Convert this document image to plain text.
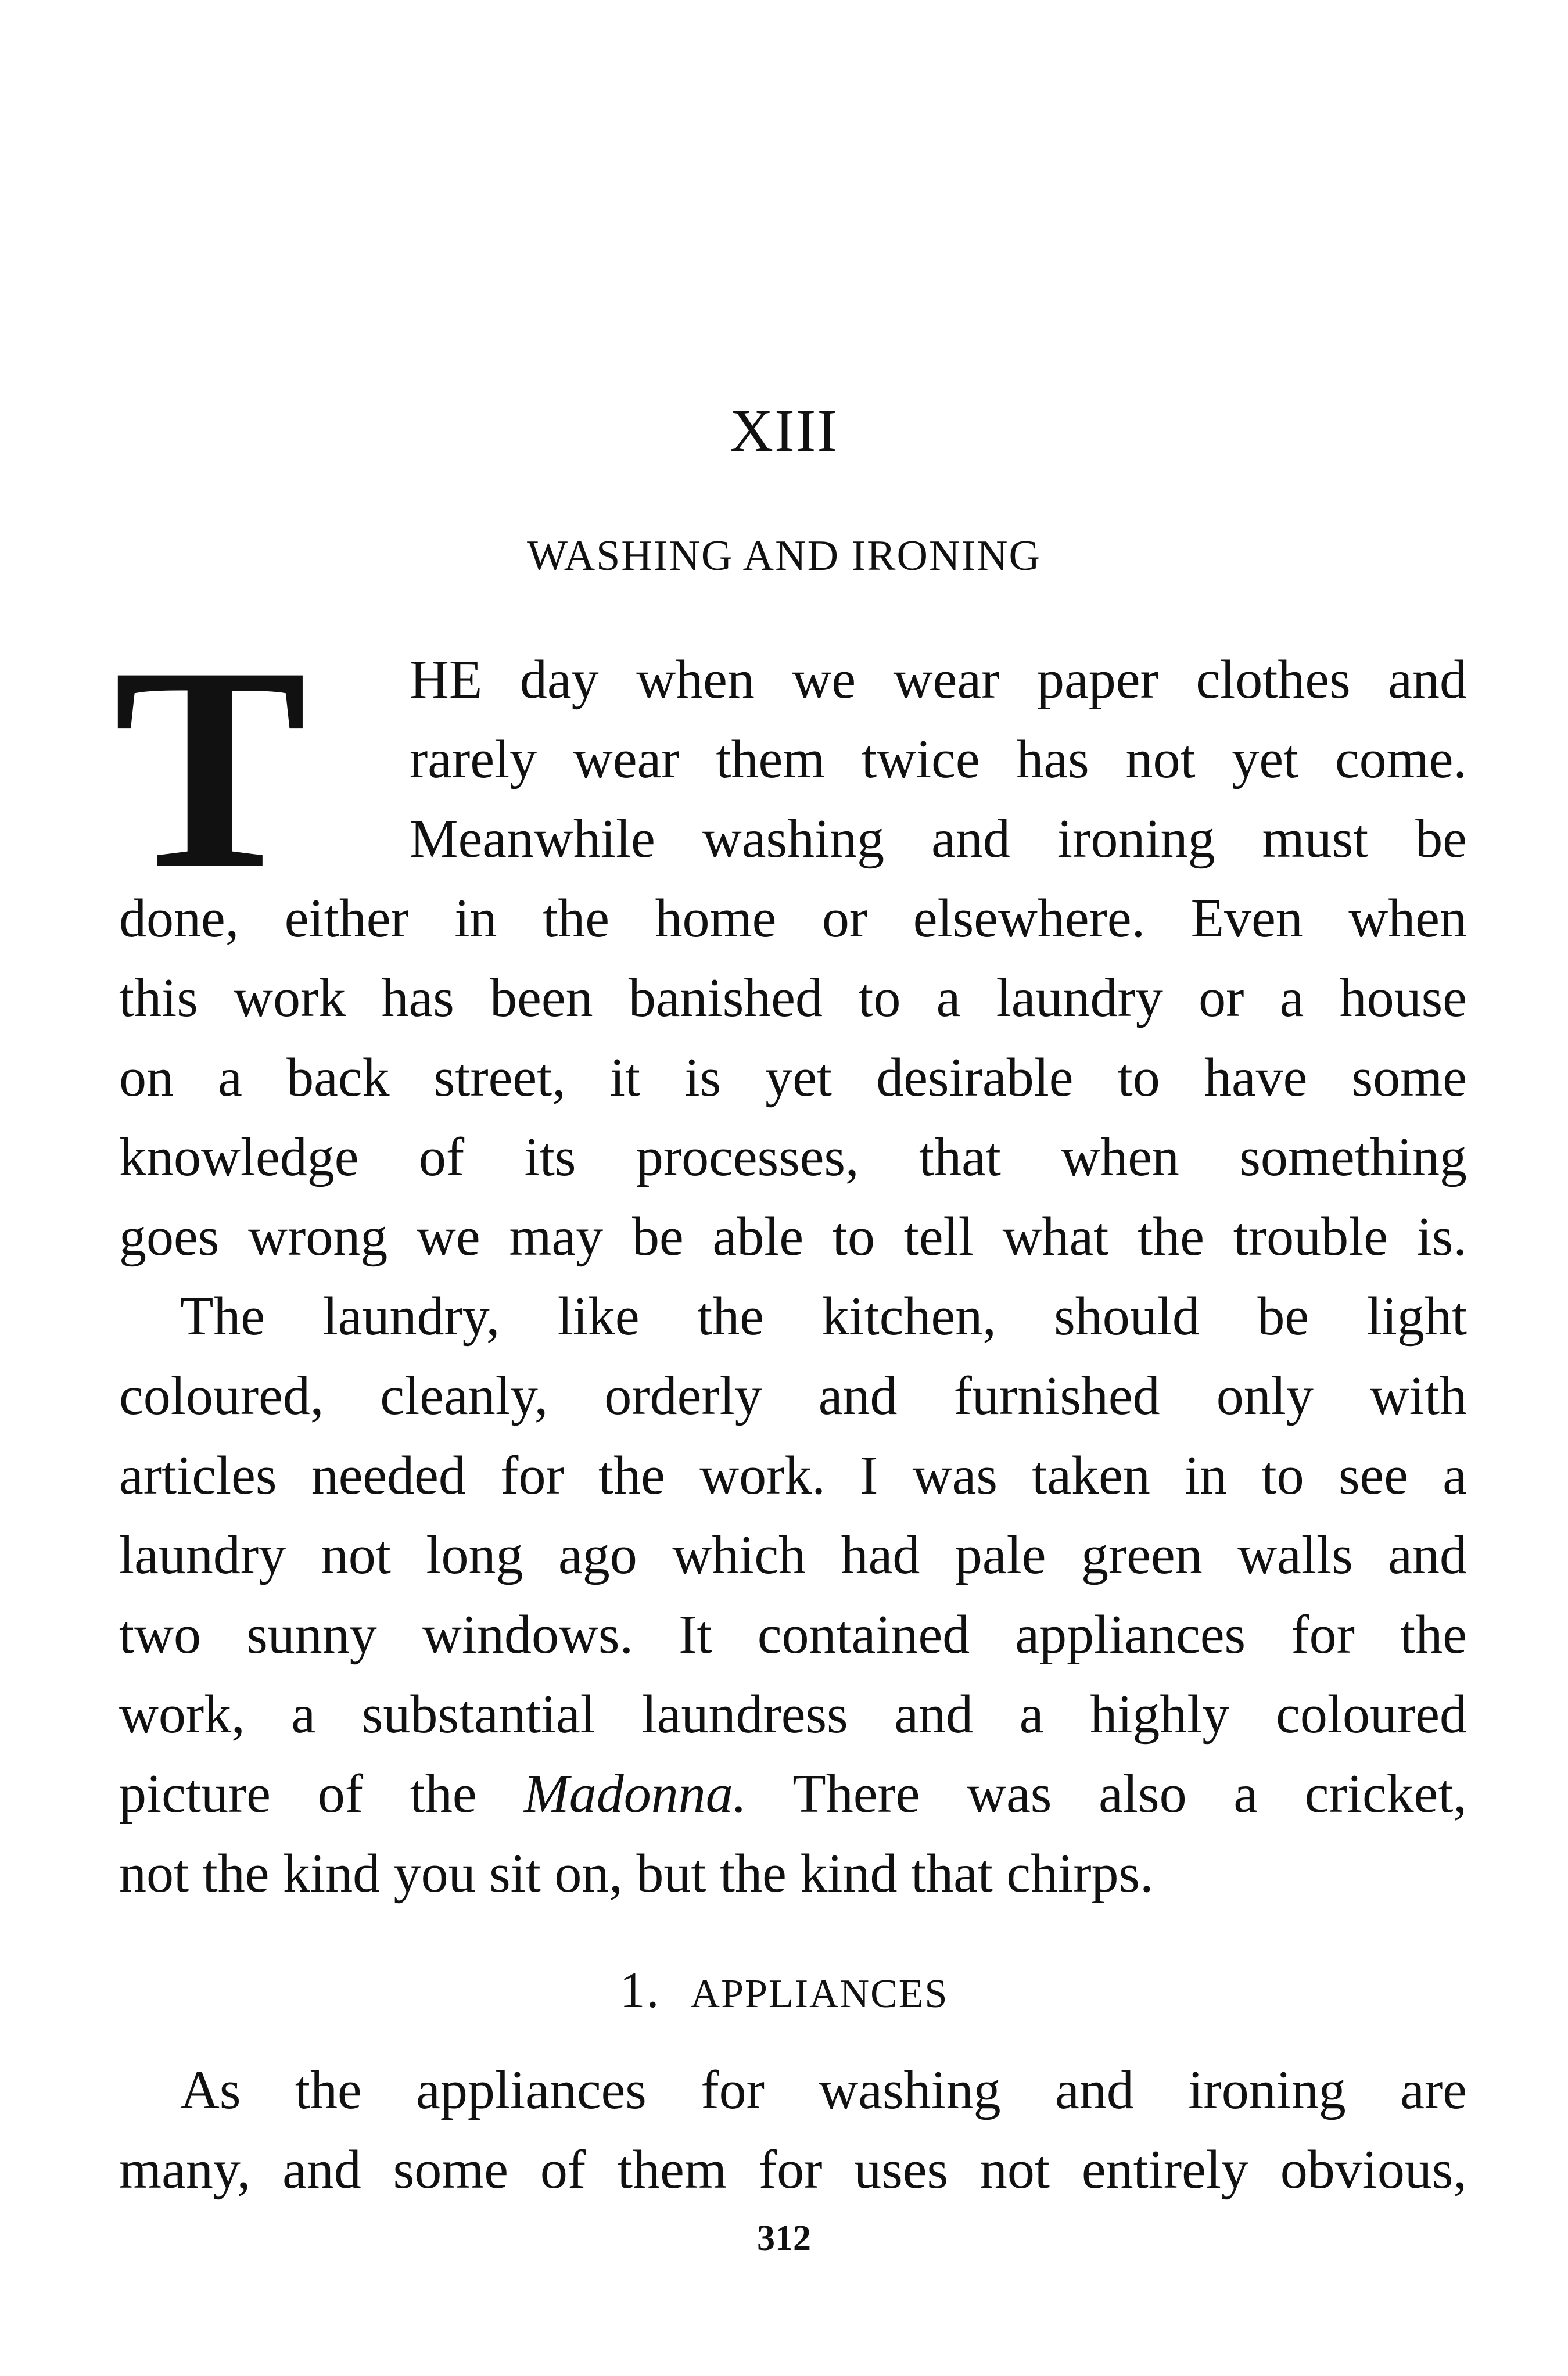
XIII
WASHING AND IRONING
T	HE day when we wear paper clothes and
rarely wear them twice has not yet come.
Meanwhile washing and ironing must be
done, either in the home or elsewhere. Even when
this work has been banished to a laundry or a house
on a back street, it is yet desirable to have some
knowledge of its processes, that when something
goes wrong we may be able to tell what the trouble is.
The laundry, like the kitchen, should be light
coloured, cleanly, orderly and furnished only with
articles needed for the work. I was taken in to see a
laundry not long ago which had pale green walls and
two sunny windows. It contained appliances for the
work, a substantial laundress and a highly coloured
picture of the Madonna. There was also a cricket,
not the kind you sit on, but the kind that chirps.
1. APPLIANCES
As the appliances for washing and ironing are
many, and some of them for uses not entirely obvious,
312
